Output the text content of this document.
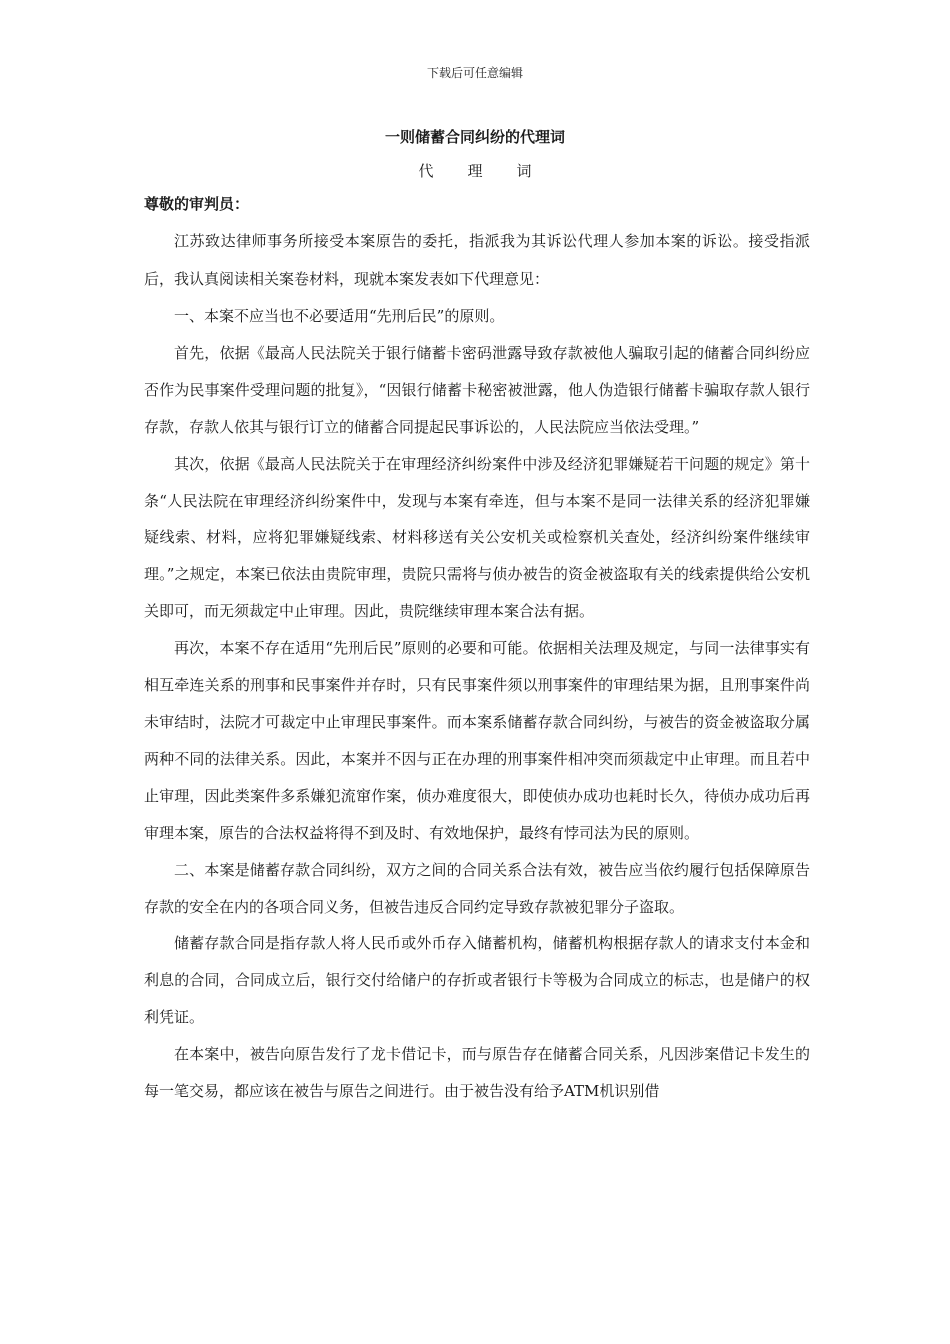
下载后可任意编辑
一则储蓄合同纠纷的代理词
代理词
尊敬的审判员：

江苏致达律师事务所接受本案原告的委托，指派我为其诉讼代理人参加本案的诉讼。接受指派后，我认真阅读相关案卷材料，现就本案发表如下代理意见：

一、本案不应当也不必要适用“先刑后民”的原则。

首先，依据《最高人民法院关于银行储蓄卡密码泄露导致存款被他人骗取引起的储蓄合同纠纷应否作为民事案件受理问题的批复》，“因银行储蓄卡秘密被泄露，他人伪造银行储蓄卡骗取存款人银行存款，存款人依其与银行订立的储蓄合同提起民事诉讼的，人民法院应当依法受理。”

其次，依据《最高人民法院关于在审理经济纠纷案件中涉及经济犯罪嫌疑若干问题的规定》第十条“人民法院在审理经济纠纷案件中，发现与本案有牵连，但与本案不是同一法律关系的经济犯罪嫌疑线索、材料，应将犯罪嫌疑线索、材料移送有关公安机关或检察机关查处，经济纠纷案件继续审理。”之规定，本案已依法由贵院审理，贵院只需将与侦办被告的资金被盗取有关的线索提供给公安机关即可，而无须裁定中止审理。因此，贵院继续审理本案合法有据。

再次，本案不存在适用“先刑后民”原则的必要和可能。依据相关法理及规定，与同一法律事实有相互牵连关系的刑事和民事案件并存时，只有民事案件须以刑事案件的审理结果为据，且刑事案件尚未审结时，法院才可裁定中止审理民事案件。而本案系储蓄存款合同纠纷，与被告的资金被盗取分属两种不同的法律关系。因此，本案并不因与正在办理的刑事案件相冲突而须裁定中止审理。而且若中止审理，因此类案件多系嫌犯流窜作案，侦办难度很大，即使侦办成功也耗时长久，待侦办成功后再审理本案，原告的合法权益将得不到及时、有效地保护，最终有悖司法为民的原则。

二、本案是储蓄存款合同纠纷，双方之间的合同关系合法有效，被告应当依约履行包括保障原告存款的安全在内的各项合同义务，但被告违反合同约定导致存款被犯罪分子盗取。

储蓄存款合同是指存款人将人民币或外币存入储蓄机构，储蓄机构根据存款人的请求支付本金和利息的合同，合同成立后，银行交付给储户的存折或者银行卡等极为合同成立的标志，也是储户的权利凭证。

在本案中，被告向原告发行了龙卡借记卡，而与原告存在储蓄合同关系，凡因涉案借记卡发生的每一笔交易，都应该在被告与原告之间进行。由于被告没有给予ATM机识别借
